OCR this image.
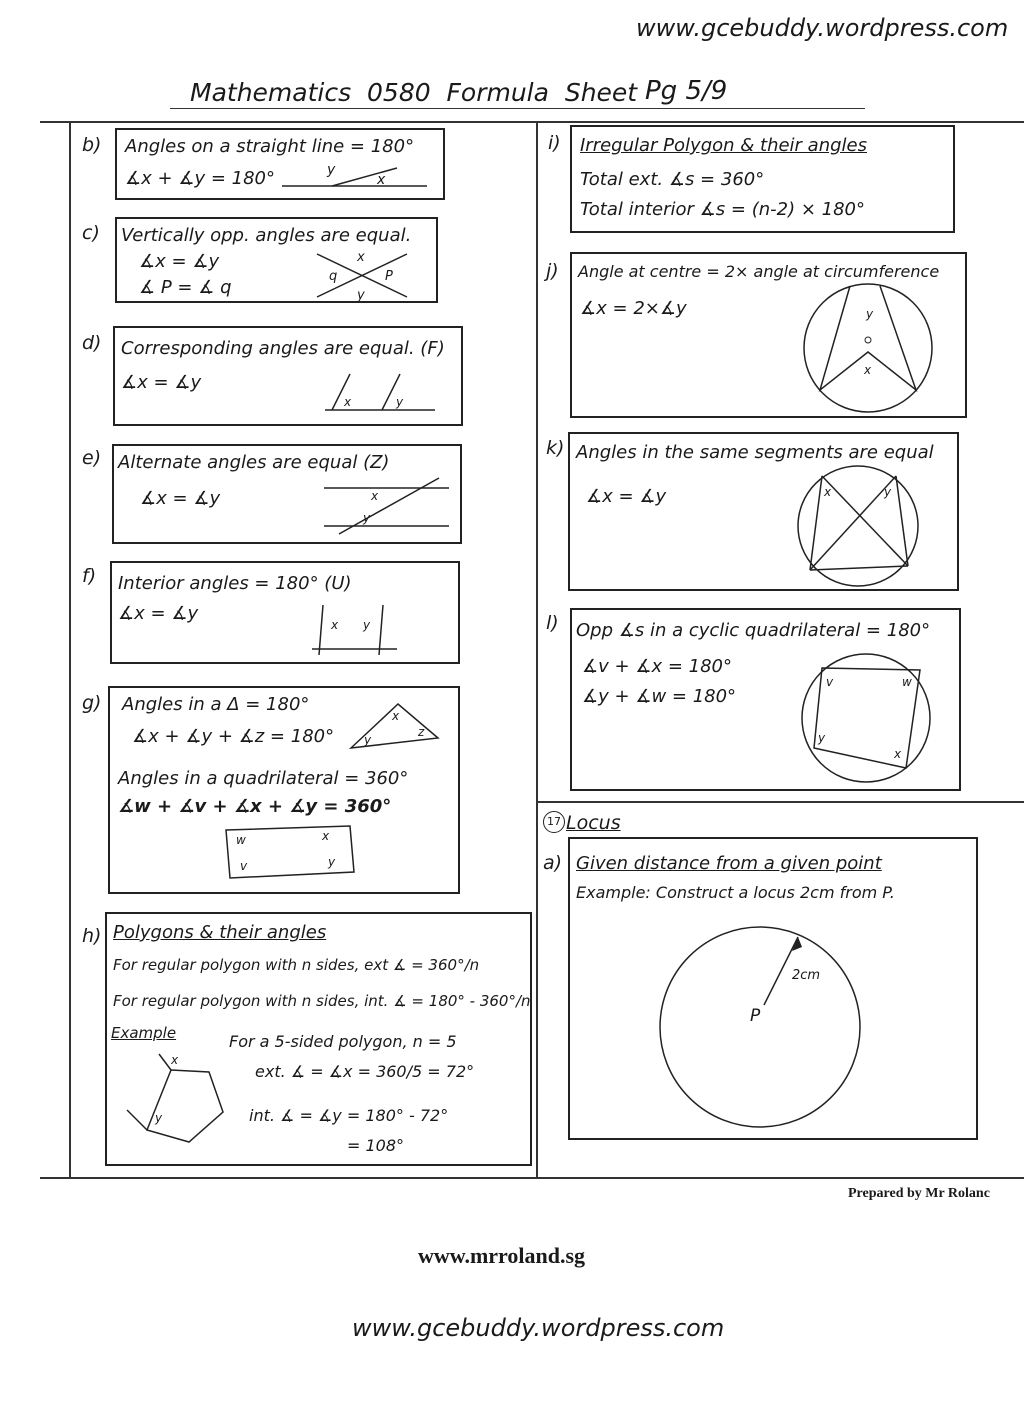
www.gcebuddy.wordpress.com
Mathematics  0580  Formula  Sheet Pg 5/9
b) Angles on a straight line = 180°
∡x + ∡y = 180°	y
x
c) Vertically opp. angles are equal.
∡x = ∡y
∡ P = ∡ q
x
y
q	P
d) Corresponding angles are equal. (F)
∡x = ∡y
x	y
e) Alternate angles are equal (Z)
∡x = ∡y	x
y
f) Interior angles = 180° (U)
∡x = ∡y
x y
g) Angles in a Δ = 180°
∡x + ∡y + ∡z = 180°
Angles in a quadrilateral = 360°
∡w + ∡v + ∡x + ∡y = 360°
x
y
z
w	x
v	y
h) Polygons & their angles
For regular polygon with n sides, ext ∡ = 360°/n
For regular polygon with n sides, int. ∡ = 180° - 360°/n
Example	For a 5-sided polygon, n = 5
ext. ∡ = ∡x = 360/5 = 72°
int. ∡ = ∡y = 180° - 72°
= 108°
x
y
i) Irregular Polygon & their angles
Total ext. ∡s = 360°
Total interior ∡s = (n-2) × 180°
j) Angle at centre = 2× angle at circumference
∡x = 2×∡y	y
x
k) Angles in the same segments are equal
∡x = ∡y	x	y
l) Opp ∡s in a cyclic quadrilateral = 180°
∡v + ∡x = 180°
∡y + ∡w = 180°
v	w
y
x
17 Locus
a) Given distance from a given point
Example: Construct a locus 2cm from P.
2cm
P
Prepared by Mr Rolanc
www.mrroland.sg
www.gcebuddy.wordpress.com
